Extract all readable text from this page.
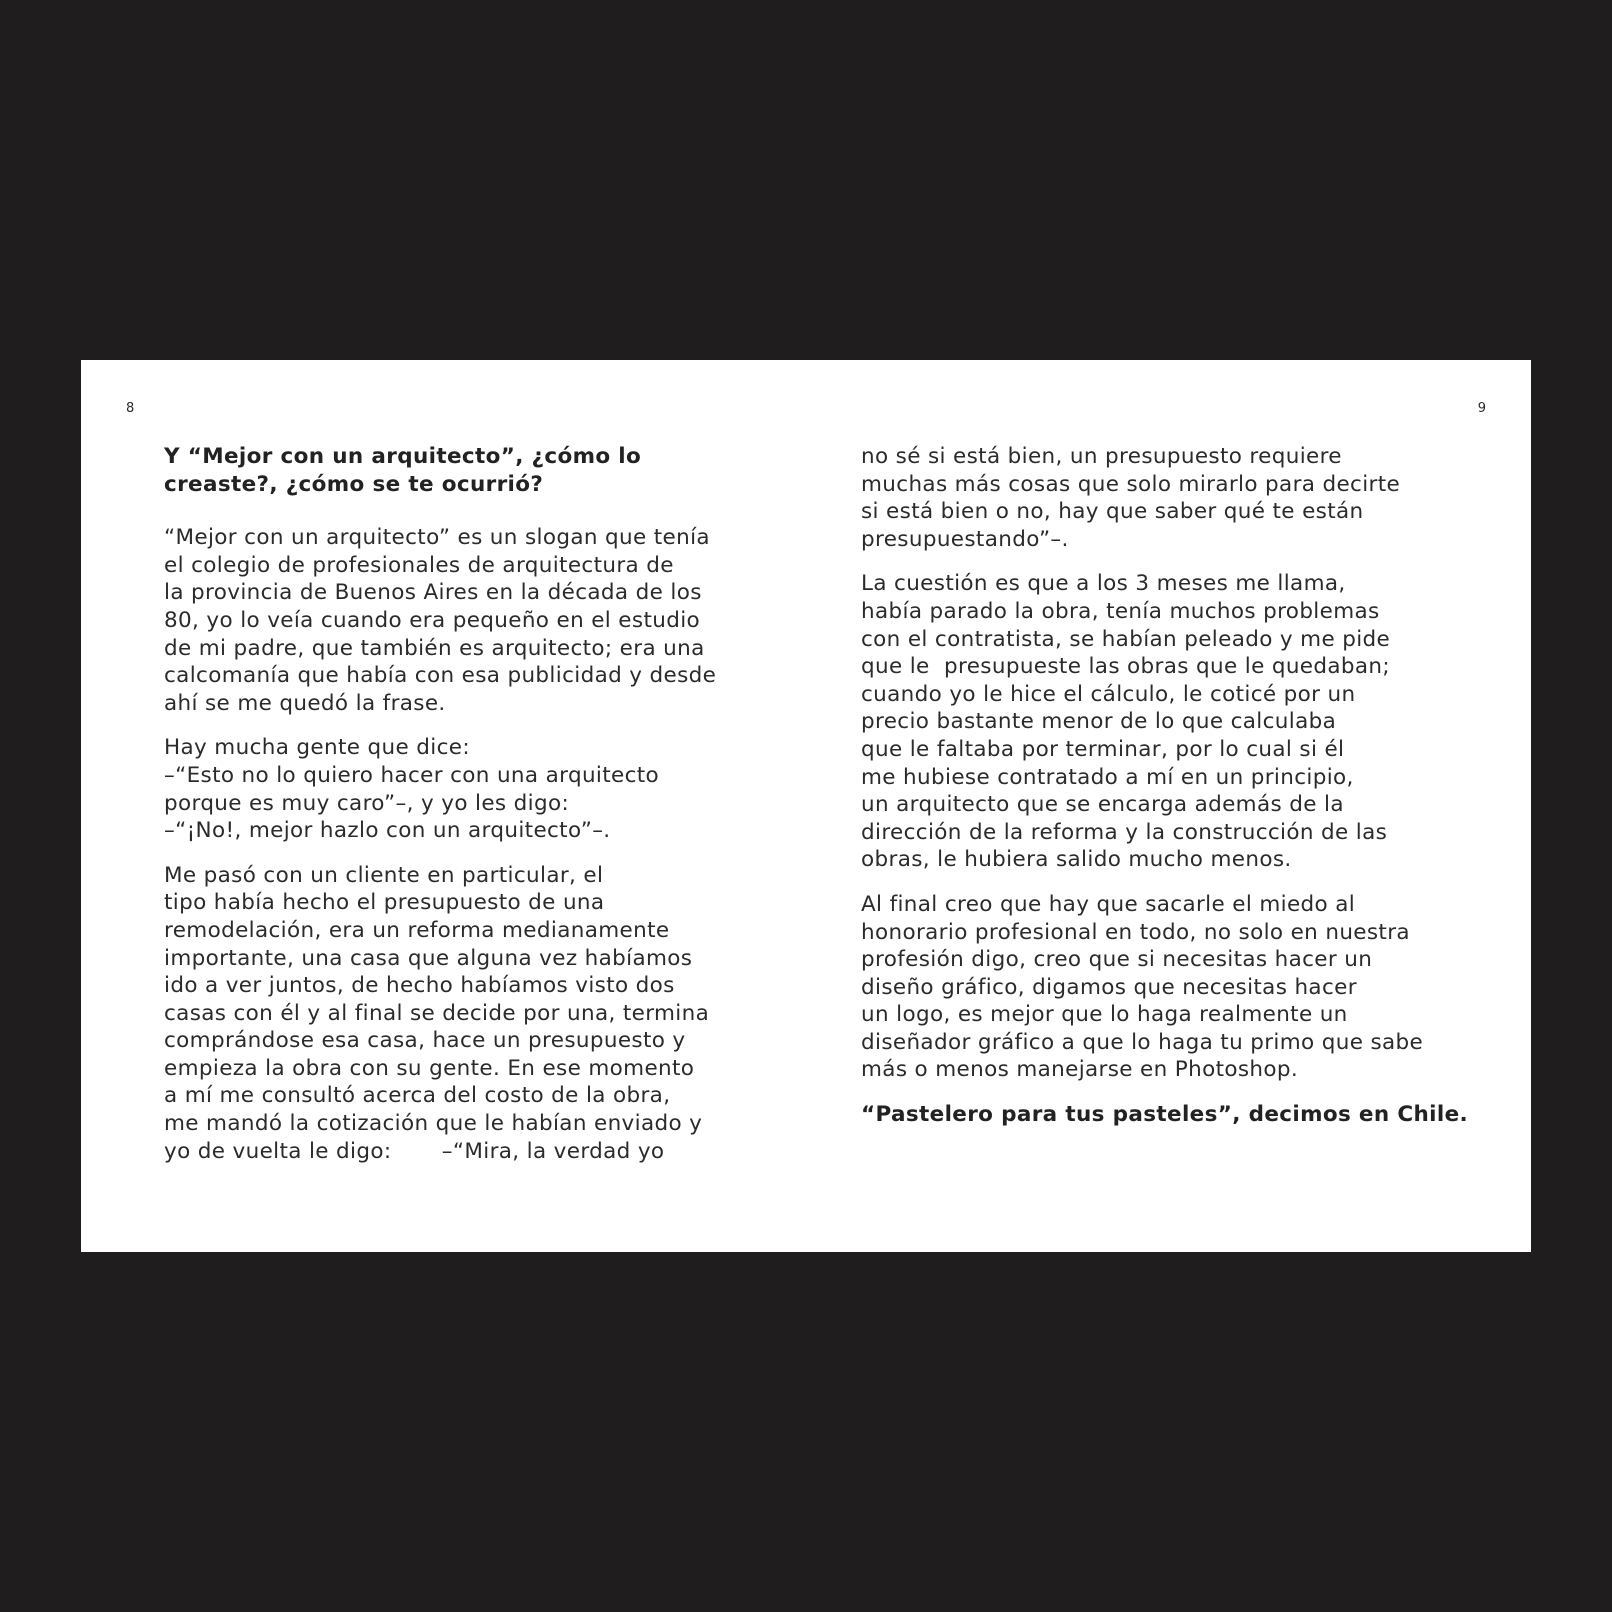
8	9
Y “Mejor con un arquitecto”, ¿cómo lo
creaste?, ¿cómo se te ocurrió?
“Mejor con un arquitecto” es un slogan que tenía
el colegio de profesionales de arquitectura de
la provincia de Buenos Aires en la década de los
80, yo lo veía cuando era pequeño en el estudio
de mi padre, que también es arquitecto; era una
calcomanía que había con esa publicidad y desde
ahí se me quedó la frase.
Hay mucha gente que dice:
–“Esto no lo quiero hacer con una arquitecto
porque es muy caro”–, y yo les digo:
–“¡No!, mejor hazlo con un arquitecto”–.
Me pasó con un cliente en particular, el
tipo había hecho el presupuesto de una
remodelación, era un reforma medianamente
importante, una casa que alguna vez habíamos
ido a ver juntos, de hecho habíamos visto dos
casas con él y al final se decide por una, termina
comprándose esa casa, hace un presupuesto y
empieza la obra con su gente. En ese momento
a mí me consultó acerca del costo de la obra,
me mandó la cotización que le habían enviado y
yo de vuelta le digo:       –“Mira, la verdad yo
no sé si está bien, un presupuesto requiere
muchas más cosas que solo mirarlo para decirte
si está bien o no, hay que saber qué te están
presupuestando”–.
La cuestión es que a los 3 meses me llama,
había parado la obra, tenía muchos problemas
con el contratista, se habían peleado y me pide
que le  presupueste las obras que le quedaban;
cuando yo le hice el cálculo, le coticé por un
precio bastante menor de lo que calculaba
que le faltaba por terminar, por lo cual si él
me hubiese contratado a mí en un principio,
un arquitecto que se encarga además de la
dirección de la reforma y la construcción de las
obras, le hubiera salido mucho menos.
Al final creo que hay que sacarle el miedo al
honorario profesional en todo, no solo en nuestra
profesión digo, creo que si necesitas hacer un
diseño gráfico, digamos que necesitas hacer
un logo, es mejor que lo haga realmente un
diseñador gráfico a que lo haga tu primo que sabe
más o menos manejarse en Photoshop.
“Pastelero para tus pasteles”, decimos en Chile.
